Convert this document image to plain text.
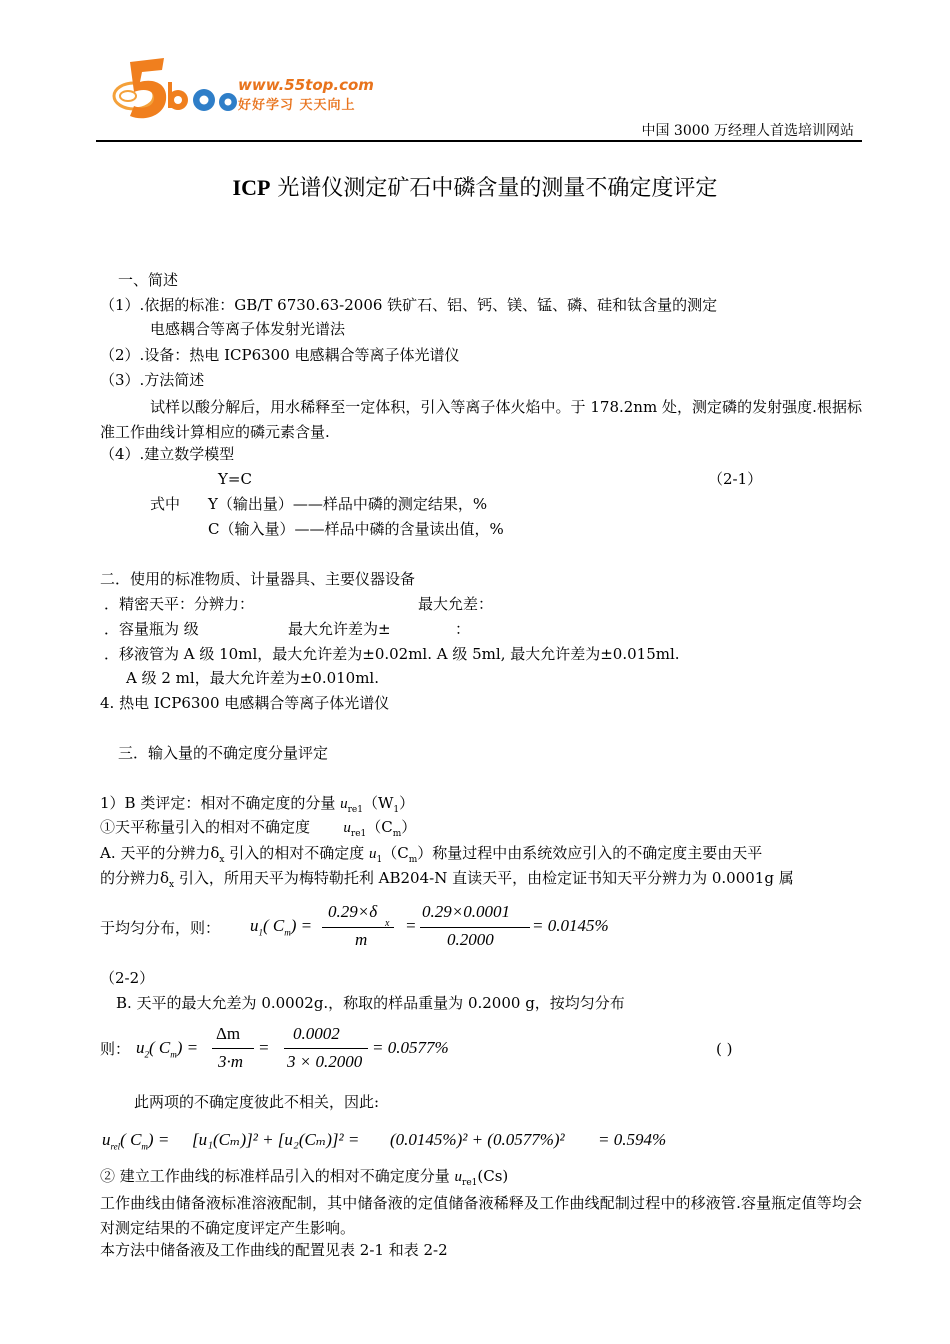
top	www.55top.com
好好学习 天天向上
中国 3000 万经理人首选培训网站
ICP 光谱仪测定矿石中磷含量的测量不确定度评定
一、简述
（1）.依据的标准：GB/T 6730.63-2006 铁矿石、铝、钙、镁、锰、磷、硅和钛含量的测定
电感耦合等离子体发射光谱法
（2）.设备：热电 ICP6300 电感耦合等离子体光谱仪
（3）.方法简述
试样以酸分解后，用水稀释至一定体积，引入等离子体火焰中。于 178.2nm 处，测定磷的发射强度.根据标准工作曲线计算相应的磷元素含量.
（4）.建立数学模型
Y=C	（2-1）
式中 Y（输出量）——样品中磷的测定结果，%
C（输入量）——样品中磷的含量读出值，%
二．使用的标准物质、计量器具、主要仪器设备
．精密天平：分辨力：	最大允差：
．容量瓶为 级	最大允许差为±	：
．移液管为 A 级 10ml，最大允许差为±0.02ml. A 级 5ml, 最大允许差为±0.015ml.
A 级 2 ml，最大允许差为±0.010ml.
4. 热电 ICP6300 电感耦合等离子体光谱仪
三．输入量的不确定度分量评定
1）B 类评定：相对不确定度的分量 $u_{re1}(W_1)$
①天平称量引入的相对不确定度 $u_{re1}(C_m)$
A. 天平的分辨力$\delta_x$ 引入的相对不确定度 $u_1(C_m)$称量过程中由系统效应引入的不确定度主要由天平
的分辨力$\delta_x$ 引入，所用天平为梅特勒托利 AB204-N 直读天平，由检定证书知天平分辨力为 0.0001g 属
于均匀分布，则： $u_1$( $C_m$) =
0.29×δ
x
m
=
0.29×0.0001
0.2000
= 0.0145%
（2-2）
B. 天平的最大允差为 0.0002g.，称取的样品重量为 0.2000 g，按均匀分布
则： $u_2$( $C_m$) =
Δm
3·m
=
0.0002
3 × 0.2000
= 0.0577%	( )
此两项的不确定度彼此不相关，因此:
$u_{rel}$( $C_m) = [u_1(C_m)]^2 + [u_2(C_m)]^2 = (0.0145\%)^2 + (0.0577\%)^2 = 0.594\%$
② 建立工作曲线的标准样品引入的相对不确定度分量 $u_{re1}(Cs)$
工作曲线由储备液标准溶液配制，其中储备液的定值储备液稀释及工作曲线配制过程中的移液管.容量瓶定值等均会对测定结果的不确定度评定产生影响。
本方法中储备液及工作曲线的配置见表 2-1 和表 2-2
